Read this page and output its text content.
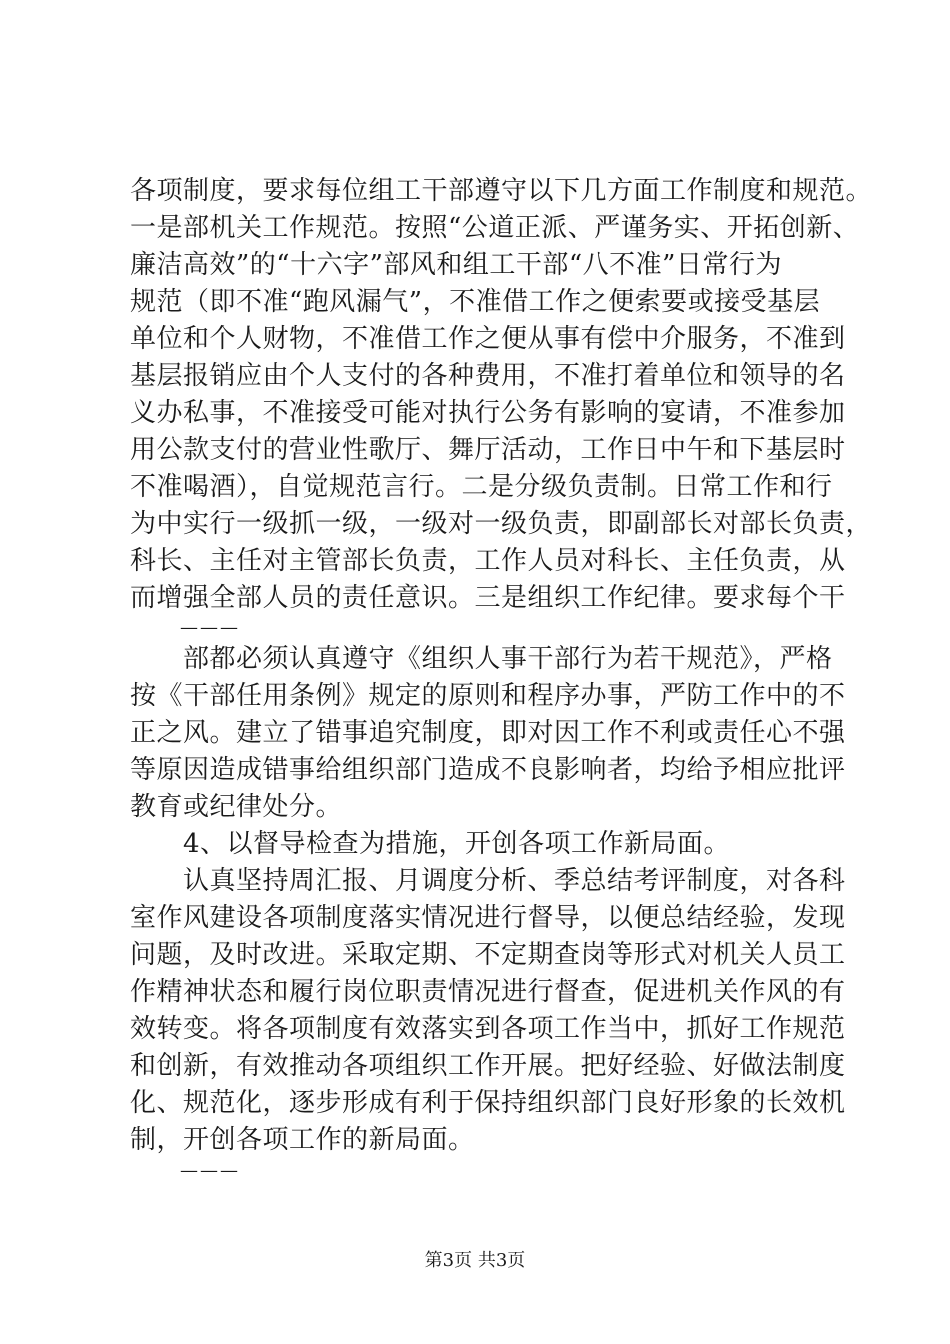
各项制度，要求每位组工干部遵守以下几方面工作制度和规范。
一是部机关工作规范。按照“公道正派、严谨务实、开拓创新、
廉洁高效”的“十六字”部风和组工干部“八不准”日常行为
规范（即不准“跑风漏气”，不准借工作之便索要或接受基层
单位和个人财物，不准借工作之便从事有偿中介服务，不准到
基层报销应由个人支付的各种费用，不准打着单位和领导的名
义办私事，不准接受可能对执行公务有影响的宴请，不准参加
用公款支付的营业性歌厅、舞厅活动，工作日中午和下基层时
不准喝酒），自觉规范言行。二是分级负责制。日常工作和行
为中实行一级抓一级，一级对一级负责，即副部长对部长负责，
科长、主任对主管部长负责，工作人员对科长、主任负责，从
而增强全部人员的责任意识。三是组织工作纪律。要求每个干
———
部都必须认真遵守《组织人事干部行为若干规范》，严格
按《干部任用条例》规定的原则和程序办事，严防工作中的不
正之风。建立了错事追究制度，即对因工作不利或责任心不强
等原因造成错事给组织部门造成不良影响者，均给予相应批评
教育或纪律处分。
4、以督导检查为措施，开创各项工作新局面。
认真坚持周汇报、月调度分析、季总结考评制度，对各科
室作风建设各项制度落实情况进行督导，以便总结经验，发现
问题，及时改进。采取定期、不定期查岗等形式对机关人员工
作精神状态和履行岗位职责情况进行督查，促进机关作风的有
效转变。将各项制度有效落实到各项工作当中，抓好工作规范
和创新，有效推动各项组织工作开展。把好经验、好做法制度
化、规范化，逐步形成有利于保持组织部门良好形象的长效机
制，开创各项工作的新局面。
———
第3页 共3页
